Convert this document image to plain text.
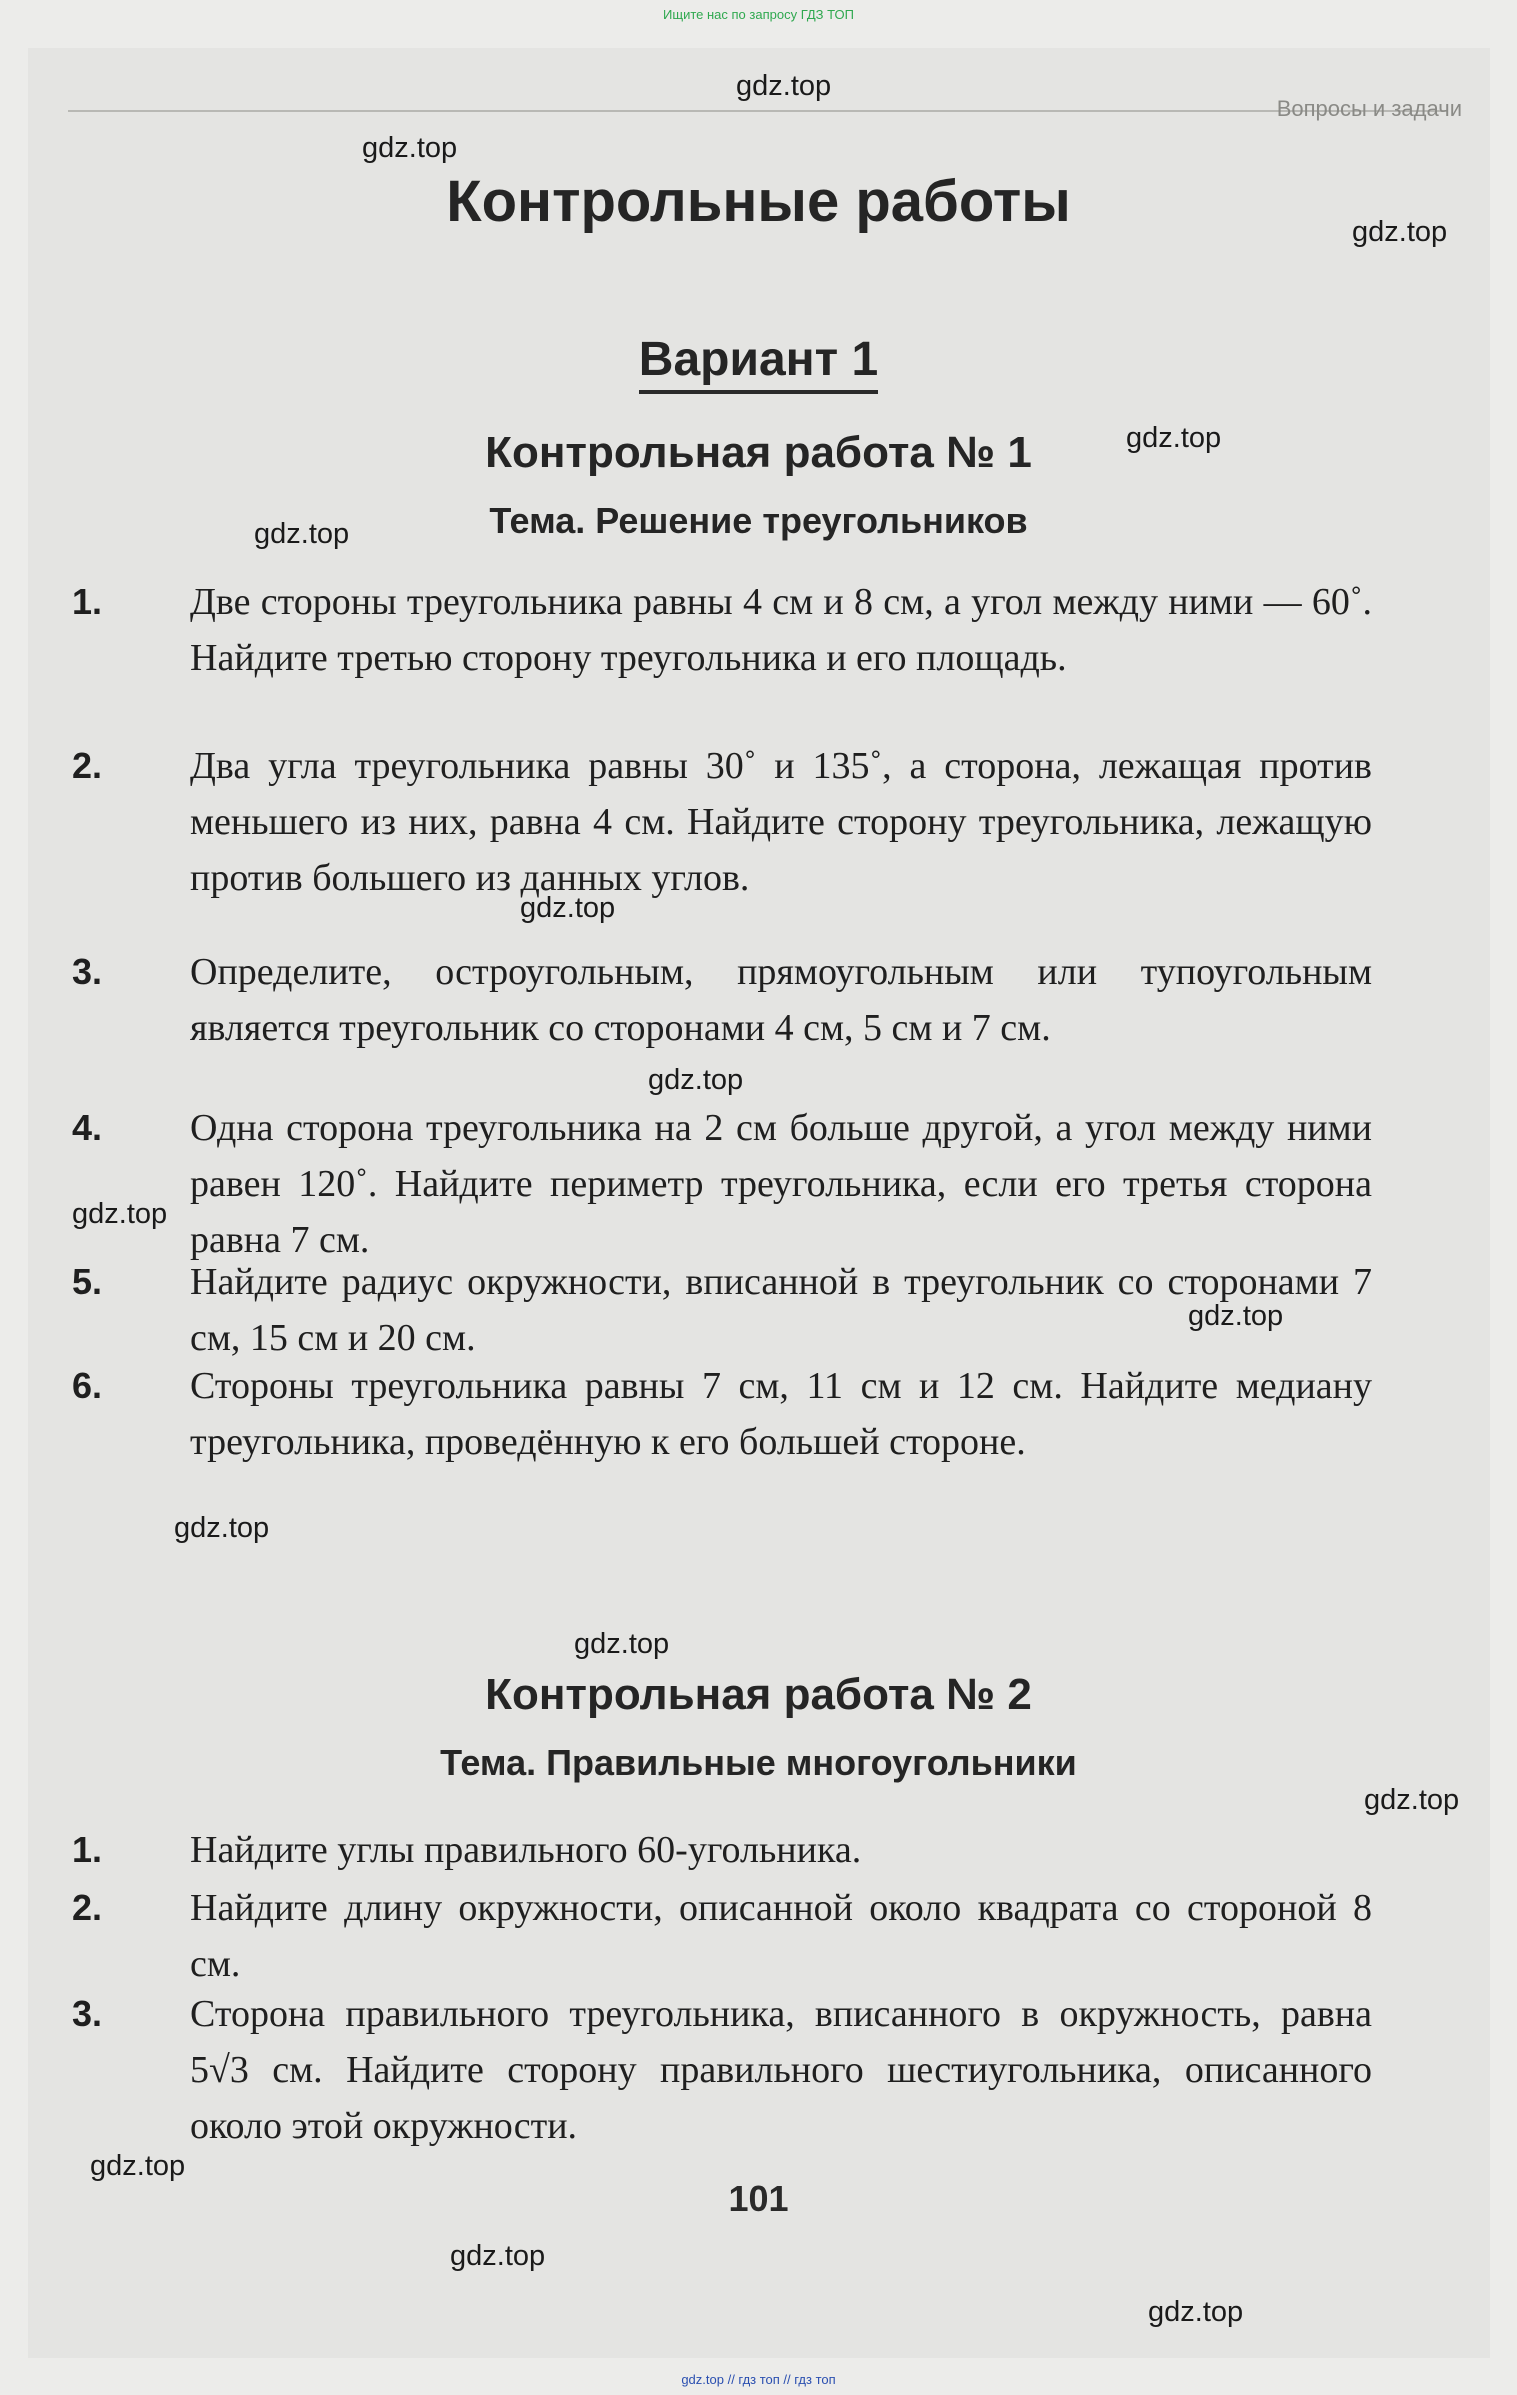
Ищите нас по запросу ГДЗ ТОП
Вопросы и задачи
Контрольные работы
Вариант 1
Контрольная работа № 1
Тема. Решение треугольников
1.	Две стороны треугольника равны 4 см и 8 см, а угол между ними — 60˚. Найдите третью сторону треугольника и его площадь.
2.	Два угла треугольника равны 30˚ и 135˚, а сторона, лежащая против меньшего из них, равна 4 см. Найдите сторону треугольника, лежащую против большего из данных углов.
3.	Определите, остроугольным, прямоугольным или тупоугольным является треугольник со сторонами 4 см, 5 см и 7 см.
4.	Одна сторона треугольника на 2 см больше другой, а угол между ними равен 120˚. Найдите периметр треугольника, если его третья сторона равна 7 см.
5.	Найдите радиус окружности, вписанной в треугольник со сторонами 7 см, 15 см и 20 см.
6.	Стороны треугольника равны 7 см, 11 см и 12 см. Найдите медиану треугольника, проведённую к его большей стороне.
Контрольная работа № 2
Тема. Правильные многоугольники
1.	Найдите углы правильного 60-угольника.
2.	Найдите длину окружности, описанной около квадрата со стороной 8 см.
3.	Сторона правильного треугольника, вписанного в окружность, равна 5√3 см. Найдите сторону правильного шестиугольника, описанного около этой окружности.
101
gdz.top
gdz.top
gdz.top
gdz.top
gdz.top
gdz.top
gdz.top
gdz.top
gdz.top
gdz.top
gdz.top
gdz.top
gdz.top
gdz.top
gdz.top
gdz.top // гдз топ // гдз топ
